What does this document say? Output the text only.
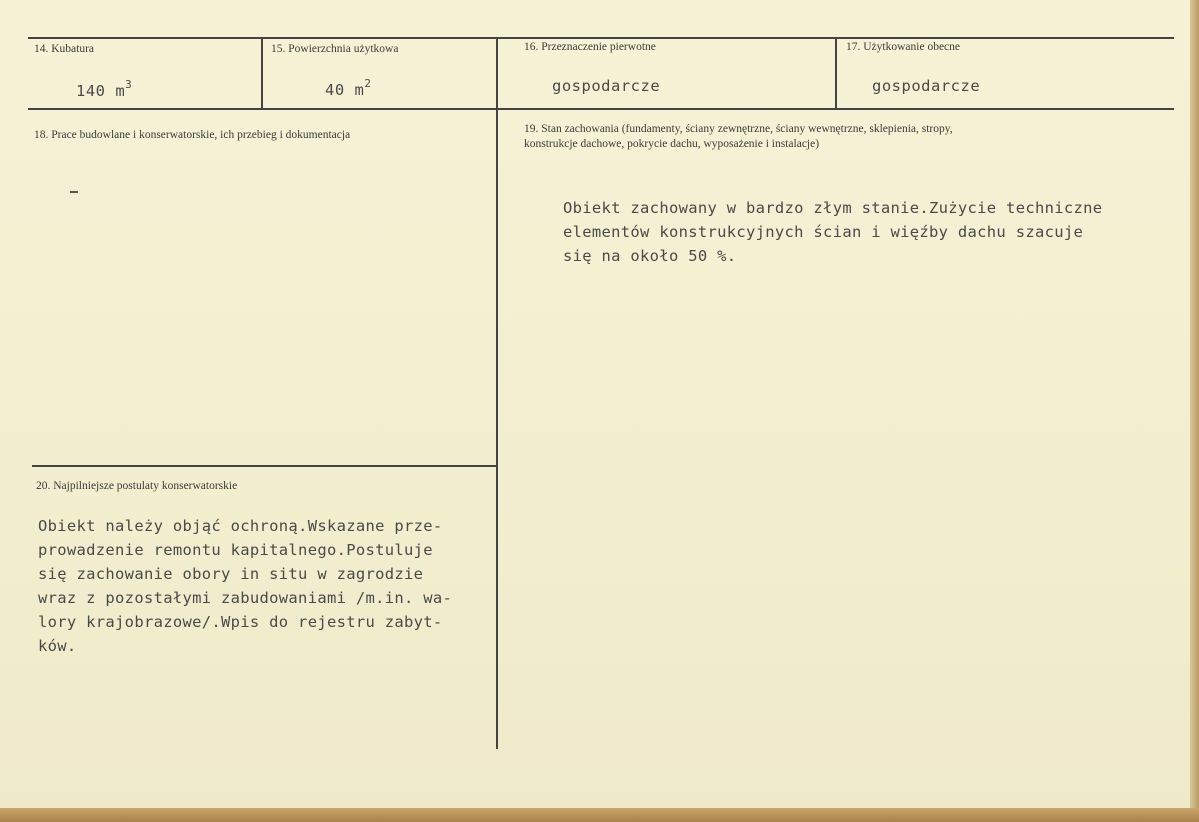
14. Kubatura
140 $m^3$
15. Powierzchnia użytkowa
40 $m^2$
16. Przeznaczenie pierwotne
gospodarcze
17. Użytkowanie obecne
gospodarcze
18. Prace budowlane i konserwatorskie, ich przebieg i dokumentacja	19. Stan zachowania (fundamenty, ściany zewnętrzne, ściany wewnętrzne, sklepienia, stropy,
konstrukcje dachowe, pokrycie dachu, wyposażenie i instalacje)
Obiekt zachowany w bardzo złym stanie.Zużycie techniczne
elementów konstrukcyjnych ścian i więźby dachu szacuje
się na około 50 %.
20. Najpilniejsze postulaty konserwatorskie
Obiekt należy objąć ochroną.Wskazane prze-
prowadzenie remontu kapitalnego.Postuluje
się zachowanie obory in situ w zagrodzie
wraz z pozostałymi zabudowaniami /m.in. wa-
lory krajobrazowe/.Wpis do rejestru zabyt-
ków.
